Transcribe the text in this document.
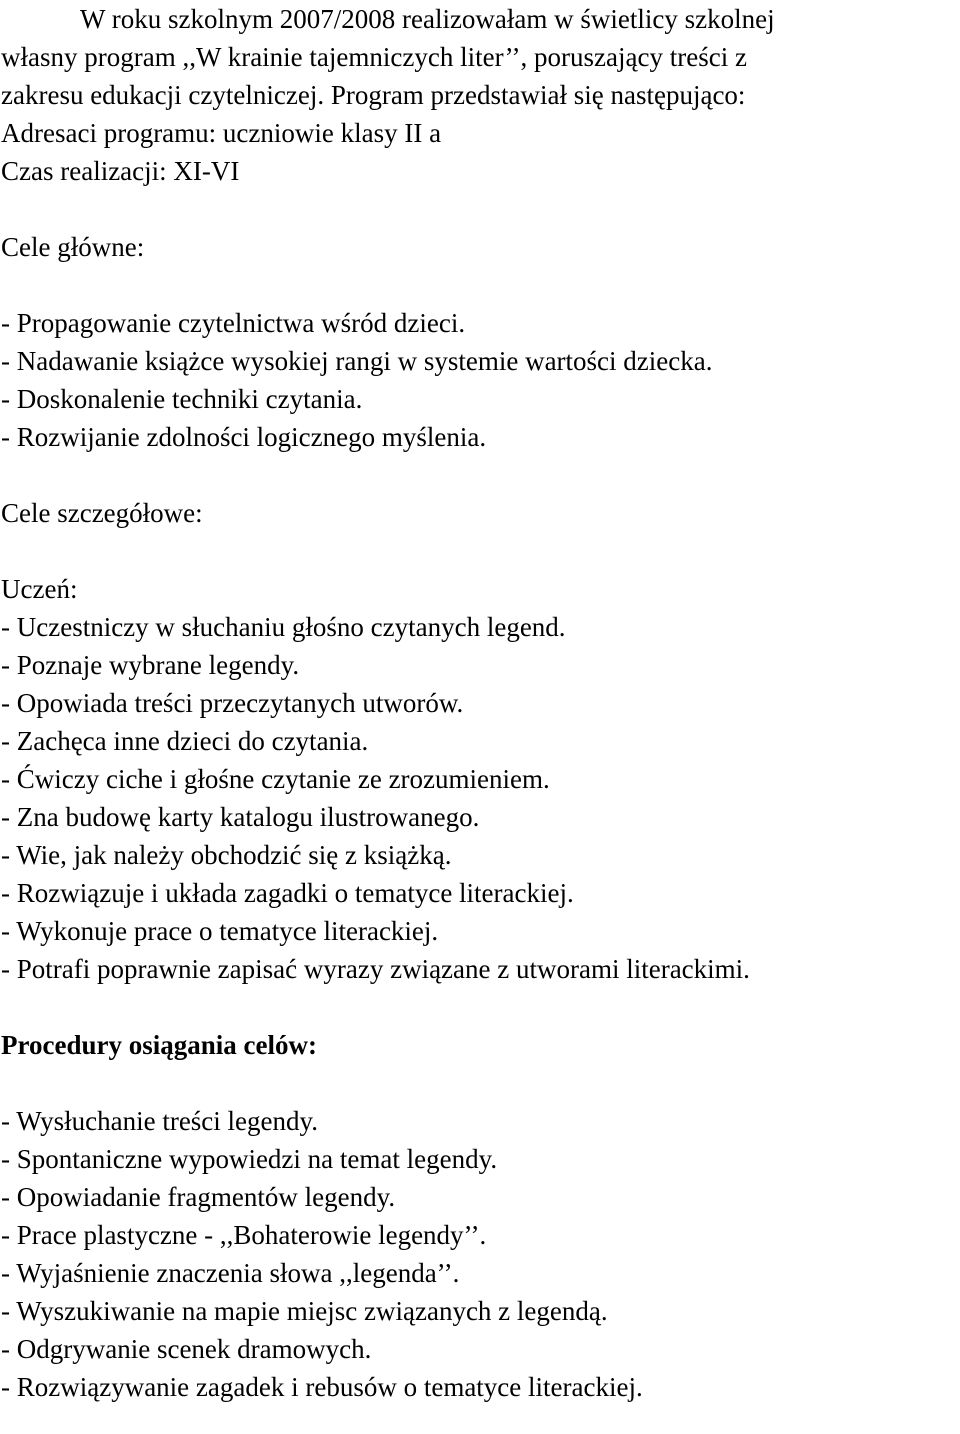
W roku szkolnym 2007/2008 realizowałam w świetlicy szkolnej
własny program ,,W krainie tajemniczych liter’’, poruszający treści z
zakresu edukacji czytelniczej. Program przedstawiał się następująco:
Adresaci programu: uczniowie klasy II a
Czas realizacji: XI-VI
Cele główne:
- Propagowanie czytelnictwa wśród dzieci.
- Nadawanie książce wysokiej rangi w systemie wartości dziecka.
- Doskonalenie techniki czytania.
- Rozwijanie zdolności logicznego myślenia.
Cele szczegółowe:
Uczeń:
- Uczestniczy w słuchaniu głośno czytanych legend.
- Poznaje wybrane legendy.
- Opowiada treści przeczytanych utworów.
- Zachęca inne dzieci do czytania.
- Ćwiczy ciche i głośne czytanie ze zrozumieniem.
- Zna budowę karty katalogu ilustrowanego.
- Wie, jak należy obchodzić się z książką.
- Rozwiązuje i układa zagadki o tematyce literackiej.
- Wykonuje prace o tematyce literackiej.
- Potrafi poprawnie zapisać wyrazy związane z utworami literackimi.
Procedury osiągania celów:
- Wysłuchanie treści legendy.
- Spontaniczne wypowiedzi na temat legendy.
- Opowiadanie fragmentów legendy.
- Prace plastyczne - ,,Bohaterowie legendy’’.
- Wyjaśnienie znaczenia słowa ,,legenda’’.
- Wyszukiwanie na mapie miejsc związanych z legendą.
- Odgrywanie scenek dramowych.
- Rozwiązywanie zagadek i rebusów o tematyce literackiej.
